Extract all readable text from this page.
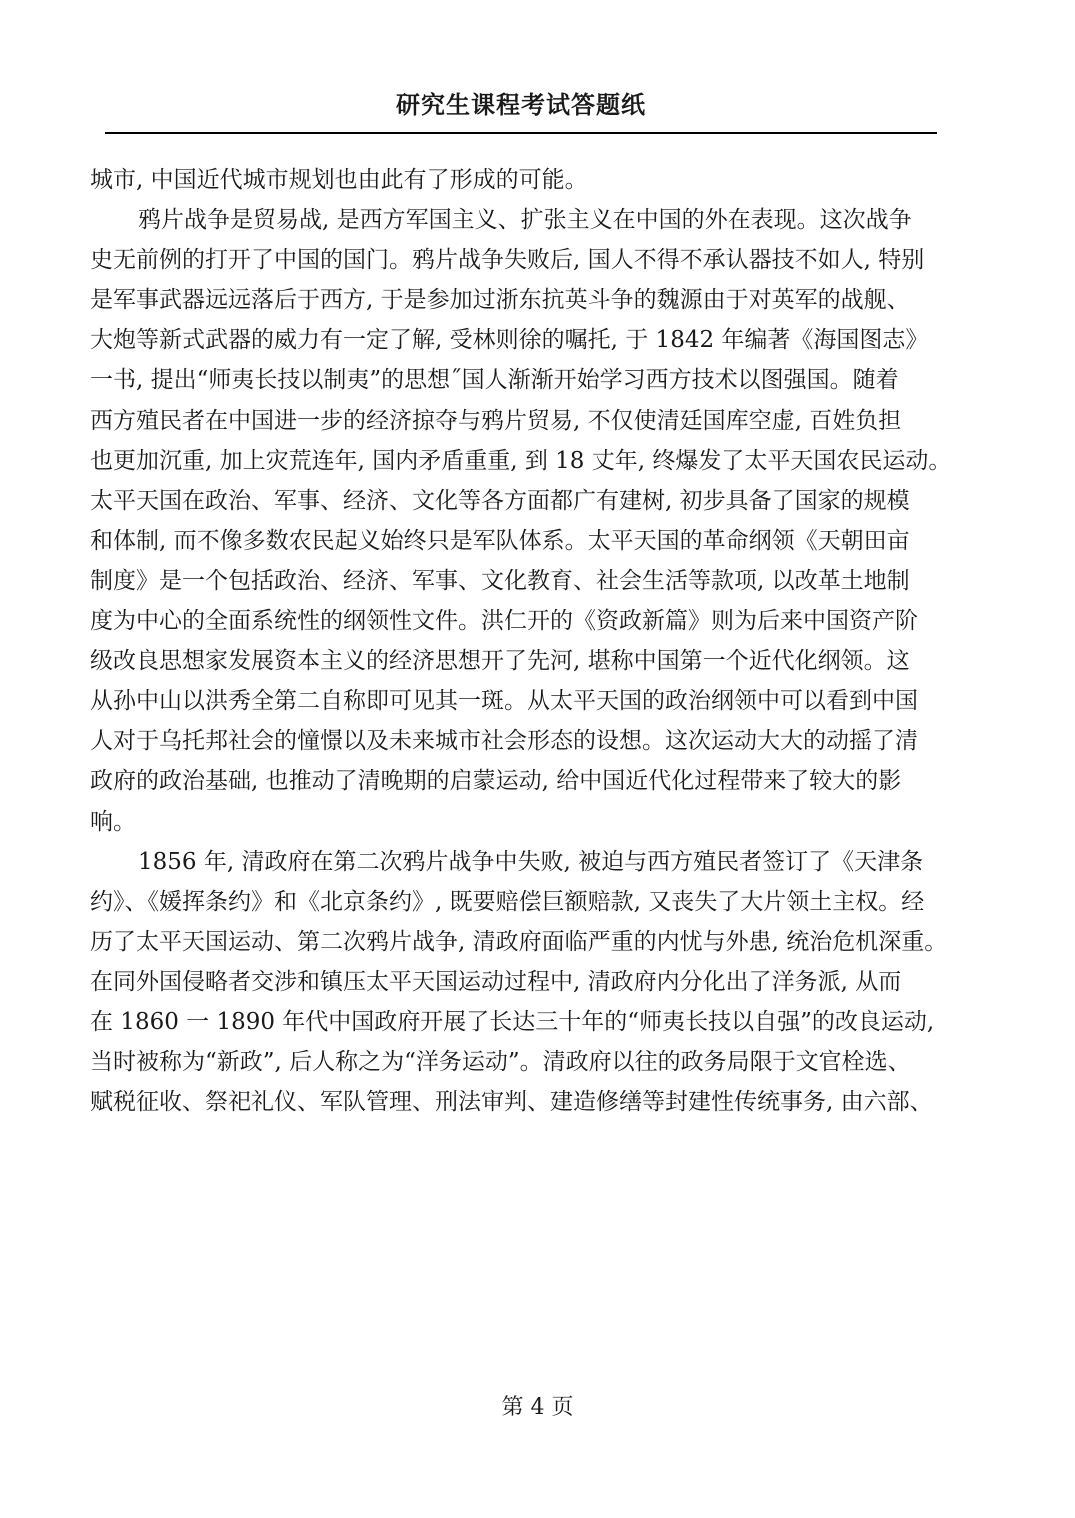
研究生课程考试答题纸
城市, 中国近代城市规划也由此有了形成的可能。
鸦片战争是贸易战, 是西方军国主义、扩张主义在中国的外在表现。这次战争
史无前例的打开了中国的国门。鸦片战争失败后, 国人不得不承认器技不如人, 特别
是军事武器远远落后于西方, 于是参加过浙东抗英斗争的魏源由于对英军的战舰、
大炮等新式武器的威力有一定了解, 受林则徐的嘱托, 于 1842 年编著《海国图志》
一书, 提出“师夷长技以制夷”的思想˝国人渐渐开始学习西方技术以图强国。随着
西方殖民者在中国进一步的经济掠夺与鸦片贸易, 不仅使清廷国库空虚, 百姓负担
也更加沉重, 加上灾荒连年, 国内矛盾重重, 到 18 丈年, 终爆发了太平天国农民运动。
太平天国在政治、军事、经济、文化等各方面都广有建树, 初步具备了国家的规模
和体制, 而不像多数农民起义始终只是军队体系。太平天国的革命纲领《天朝田亩
制度》是一个包括政治、经济、军事、文化教育、社会生活等款项, 以改革土地制
度为中心的全面系统性的纲领性文件。洪仁开的《资政新篇》则为后来中国资产阶
级改良思想家发展资本主义的经济思想开了先河, 堪称中国第一个近代化纲领。这
从孙中山以洪秀全第二自称即可见其一斑。从太平天国的政治纲领中可以看到中国
人对于乌托邦社会的憧憬以及未来城市社会形态的设想。这次运动大大的动摇了清
政府的政治基础, 也推动了清晚期的启蒙运动, 给中国近代化过程带来了较大的影
响。
1856 年, 清政府在第二次鸦片战争中失败, 被迫与西方殖民者签订了《天津条
约》、《媛挥条约》和《北京条约》, 既要赔偿巨额赔款, 又丧失了大片领土主权。经
历了太平天国运动、第二次鸦片战争, 清政府面临严重的内忧与外患, 统治危机深重。
在同外国侵略者交涉和镇压太平天国运动过程中, 清政府内分化出了洋务派, 从而
在 1860 一 1890 年代中国政府开展了长达三十年的“师夷长技以自强”的改良运动,
当时被称为“新政”, 后人称之为“洋务运动”。清政府以往的政务局限于文官栓选、
赋税征收、祭祀礼仪、军队管理、刑法审判、建造修缮等封建性传统事务, 由六部、
第 4 页
